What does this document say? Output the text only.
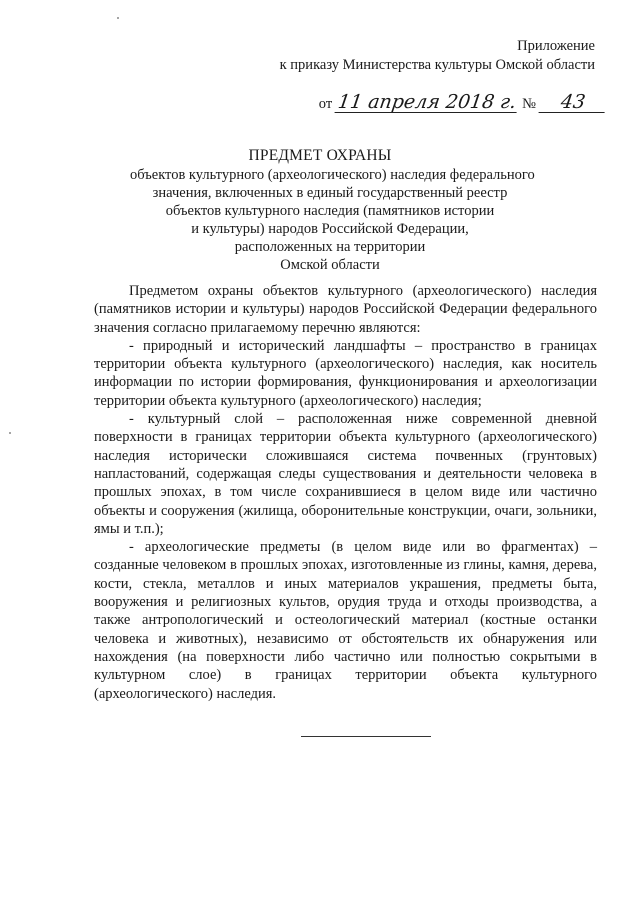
Приложение
к приказу Министерства культуры Омской области
от 11 апреля 2018 г. №	43
ПРЕДМЕТ ОХРАНЫ
объектов культурного (археологического) наследия федерального
значения, включенных в единый государственный реестр
объектов культурного наследия (памятников истории
и культуры) народов Российской Федерации,
расположенных на территории
Омской области

Предметом охраны объектов культурного (археологического) наследия (памятников истории и культуры) народов Российской Федерации федерального значения согласно прилагаемому перечню являются:

- природный и исторический ландшафты – пространство в границах территории объекта культурного (археологического) наследия, как носитель информации по истории формирования, функционирования и археологизации территории объекта культурного (археологического) наследия;

- культурный слой – расположенная ниже современной дневной поверхности в границах территории объекта культурного (археологического) наследия исторически сложившаяся система почвенных (грунтовых) напластований, содержащая следы существования и деятельности человека в прошлых эпохах, в том числе сохранившиеся в целом виде или частично объекты и сооружения (жилища, оборонительные конструкции, очаги, зольники, ямы и т.п.);

- археологические предметы (в целом виде или во фрагментах) – созданные человеком в прошлых эпохах, изготовленные из глины, камня, дерева, кости, стекла, металлов и иных материалов украшения, предметы быта, вооружения и религиозных культов, орудия труда и отходы производства, а также антропологический и остеологический материал (костные останки человека и животных), независимо от обстоятельств их обнаружения или нахождения (на поверхности либо частично или полностью сокрытыми в культурном слое) в границах территории объекта культурного (археологического) наследия.
